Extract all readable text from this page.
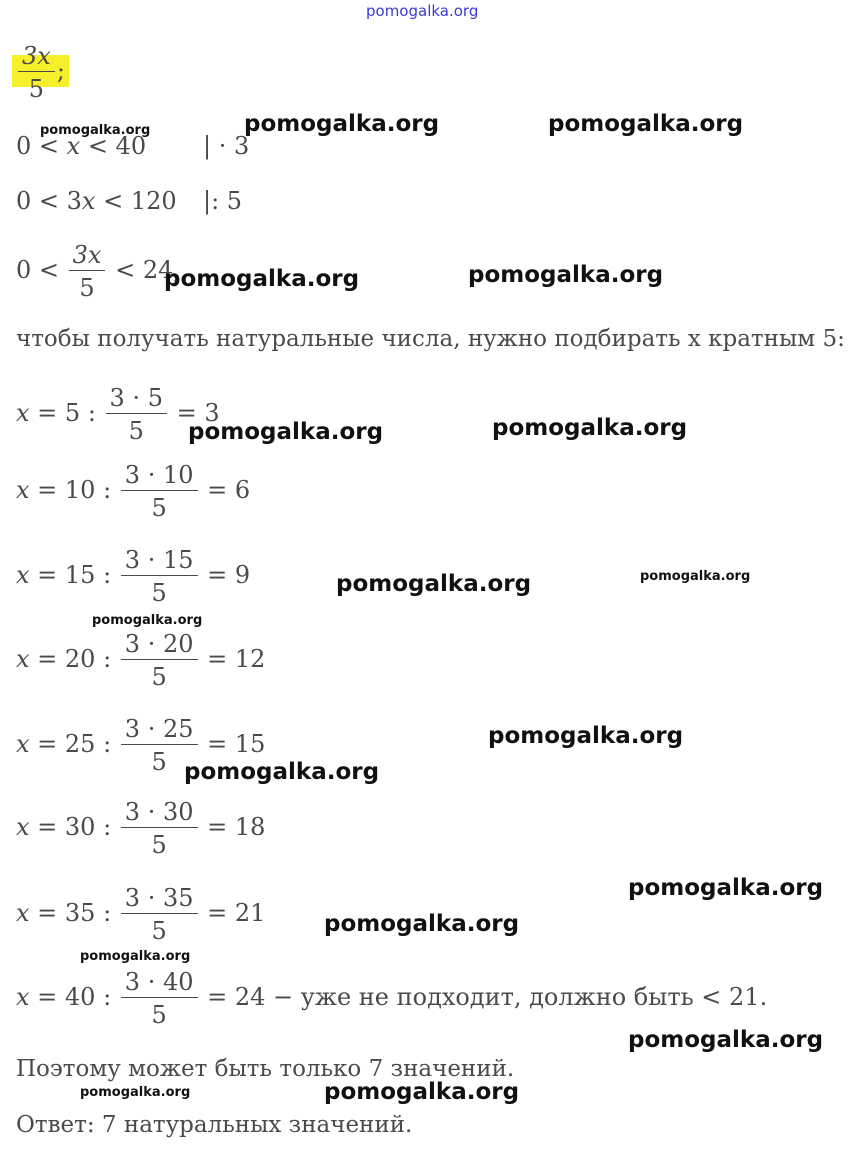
pomogalka.org
$\frac{3x}{5}$ ;
0 < x < 40 | · 3
0 < 3x < 120 |: 5
$0 < \frac{3x}{5} < 24$,
чтобы получать натуральные числа, нужно подбирать x кратным 5:
x = 5 : $\frac{3 \cdot 5}{5} = 3$
x = 10 : $\frac{3 \cdot 10}{5} = 6$
x = 15 : $\frac{3 \cdot 15}{5} = 9$
x = 20 : $\frac{3 \cdot 20}{5} = 12$
x = 25 : $\frac{3 \cdot 25}{5} = 15$
x = 30 : $\frac{3 \cdot 30}{5} = 18$
x = 35 : $\frac{3 \cdot 35}{5} = 21$
x = 40 : $\frac{3 \cdot 40}{5} = 24$ − уже не подходит, должно быть < 21.
Поэтому может быть только 7 значений.
Ответ: 7 натуральных значений.
pomogalka.org	pomogalka.org	pomogalka.org
pomogalka.org	pomogalka.org
pomogalka.org	pomogalka.org
pomogalka.org	pomogalka.org
pomogalka.org
pomogalka.org
pomogalka.org
pomogalka.org
pomogalka.org
pomogalka.org
pomogalka.org
pomogalka.org	pomogalka.org
